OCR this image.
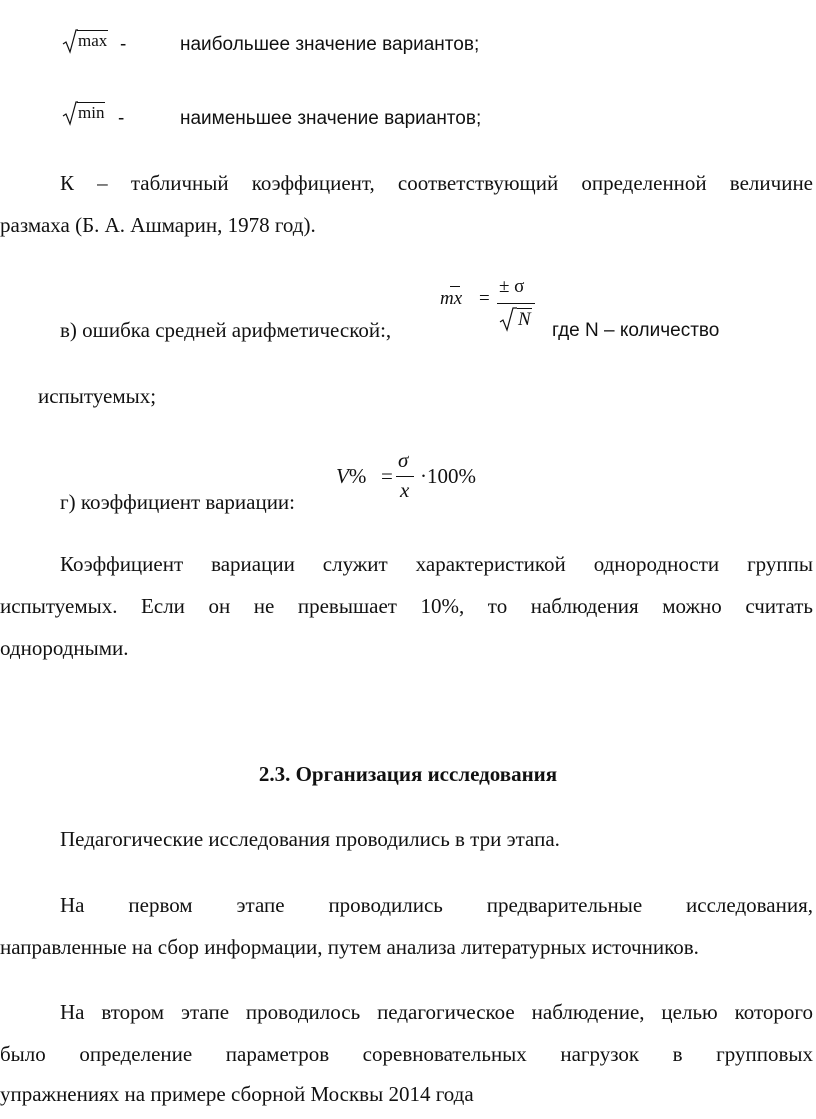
max -	наибольшее значение вариантов;
min -	наименьшее значение вариантов;
К – табличный коэффициент, соответствующий определенной величине
размаха (Б. А. Ашмарин, 1978 год).
mx =
± σ
N
в) ошибка средней арифметической:,	где N – количество
испытуемых;
V% =
σ
x
·100%
г) коэффициент вариации:
Коэффициент вариации служит характеристикой однородности группы
испытуемых. Если он не превышает 10%, то наблюдения можно считать
однородными.
2.3. Организация исследования
Педагогические исследования проводились в три этапа.
На первом этапе проводились предварительные исследования,
направленные на сбор информации, путем анализа литературных источников.
На втором этапе проводилось педагогическое наблюдение, целью которого
было определение параметров соревновательных нагрузок в групповых
упражнениях на примере сборной Москвы 2014 года
